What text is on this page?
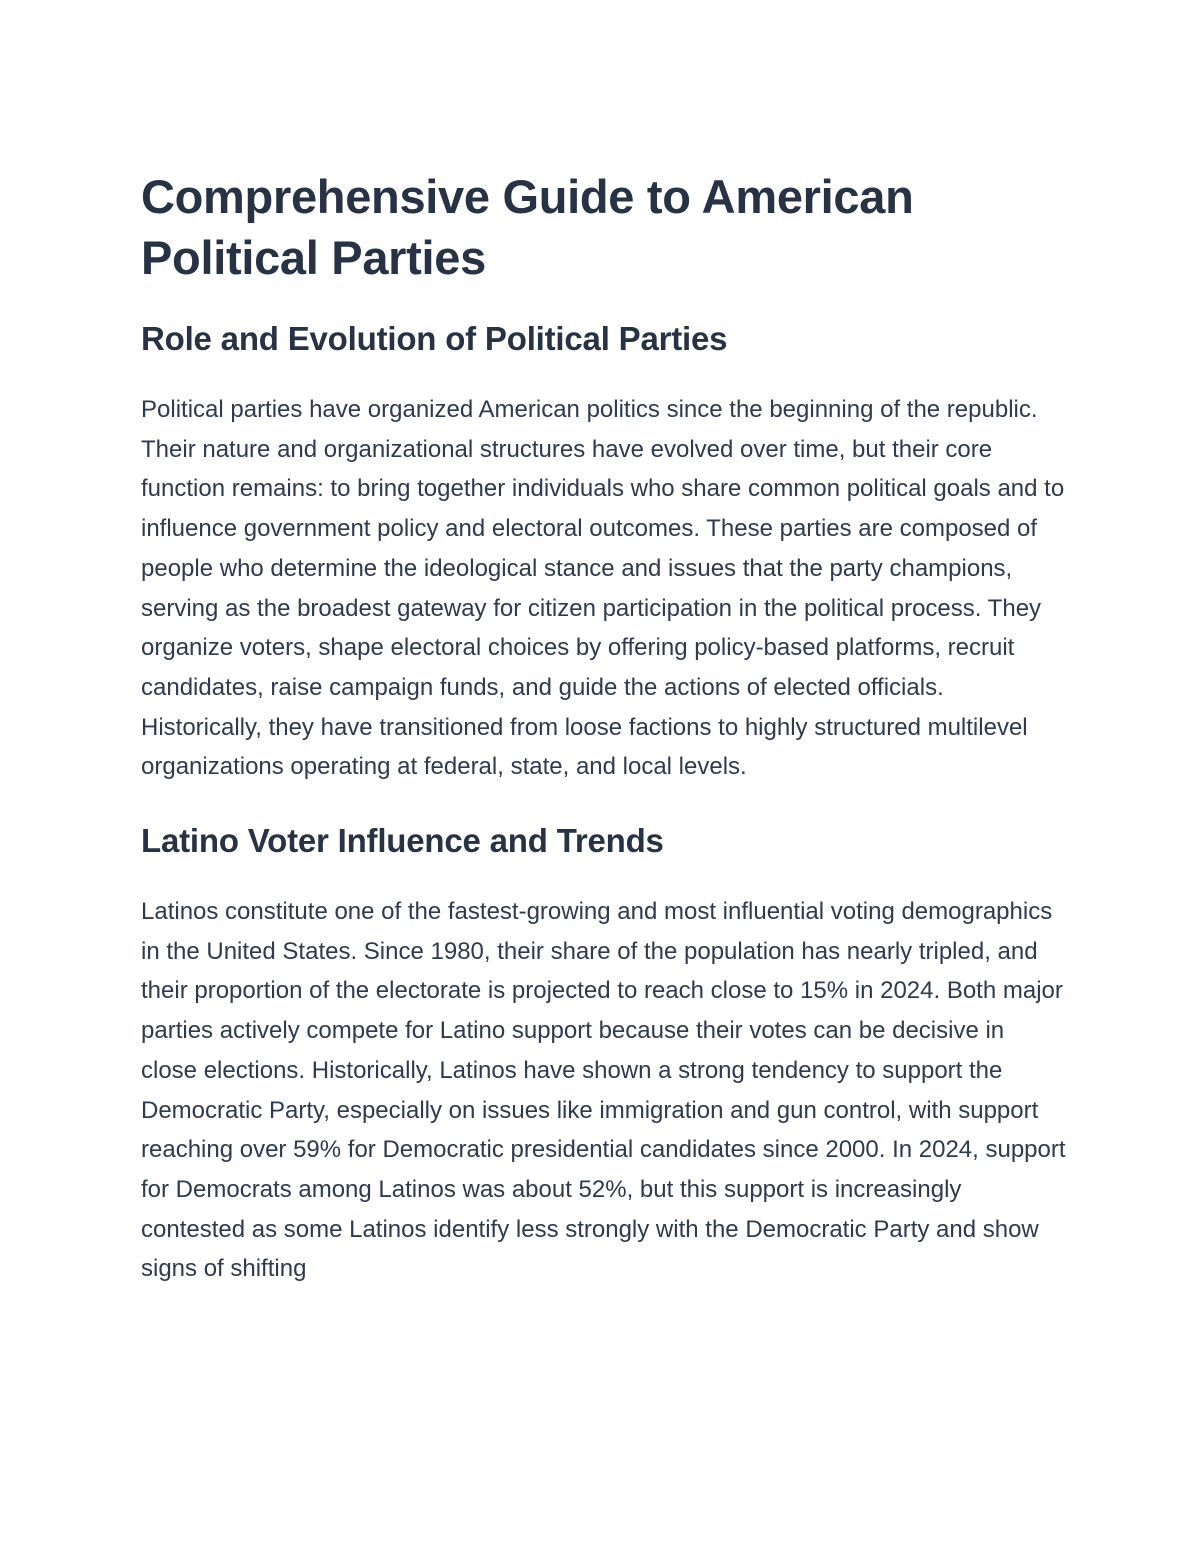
Comprehensive Guide to American Political Parties
Role and Evolution of Political Parties

Political parties have organized American politics since the beginning of the republic. Their nature and organizational structures have evolved over time, but their core function remains: to bring together individuals who share common political goals and to influence government policy and electoral outcomes. These parties are composed of people who determine the ideological stance and issues that the party champions, serving as the broadest gateway for citizen participation in the political process. They organize voters, shape electoral choices by offering policy-based platforms, recruit candidates, raise campaign funds, and guide the actions of elected officials. Historically, they have transitioned from loose factions to highly structured multilevel organizations operating at federal, state, and local levels.

Latino Voter Influence and Trends

Latinos constitute one of the fastest-growing and most influential voting demographics in the United States. Since 1980, their share of the population has nearly tripled, and their proportion of the electorate is projected to reach close to 15% in 2024. Both major parties actively compete for Latino support because their votes can be decisive in close elections. Historically, Latinos have shown a strong tendency to support the Democratic Party, especially on issues like immigration and gun control, with support reaching over 59% for Democratic presidential candidates since 2000. In 2024, support for Democrats among Latinos was about 52%, but this support is increasingly contested as some Latinos identify less strongly with the Democratic Party and show signs of shifting
